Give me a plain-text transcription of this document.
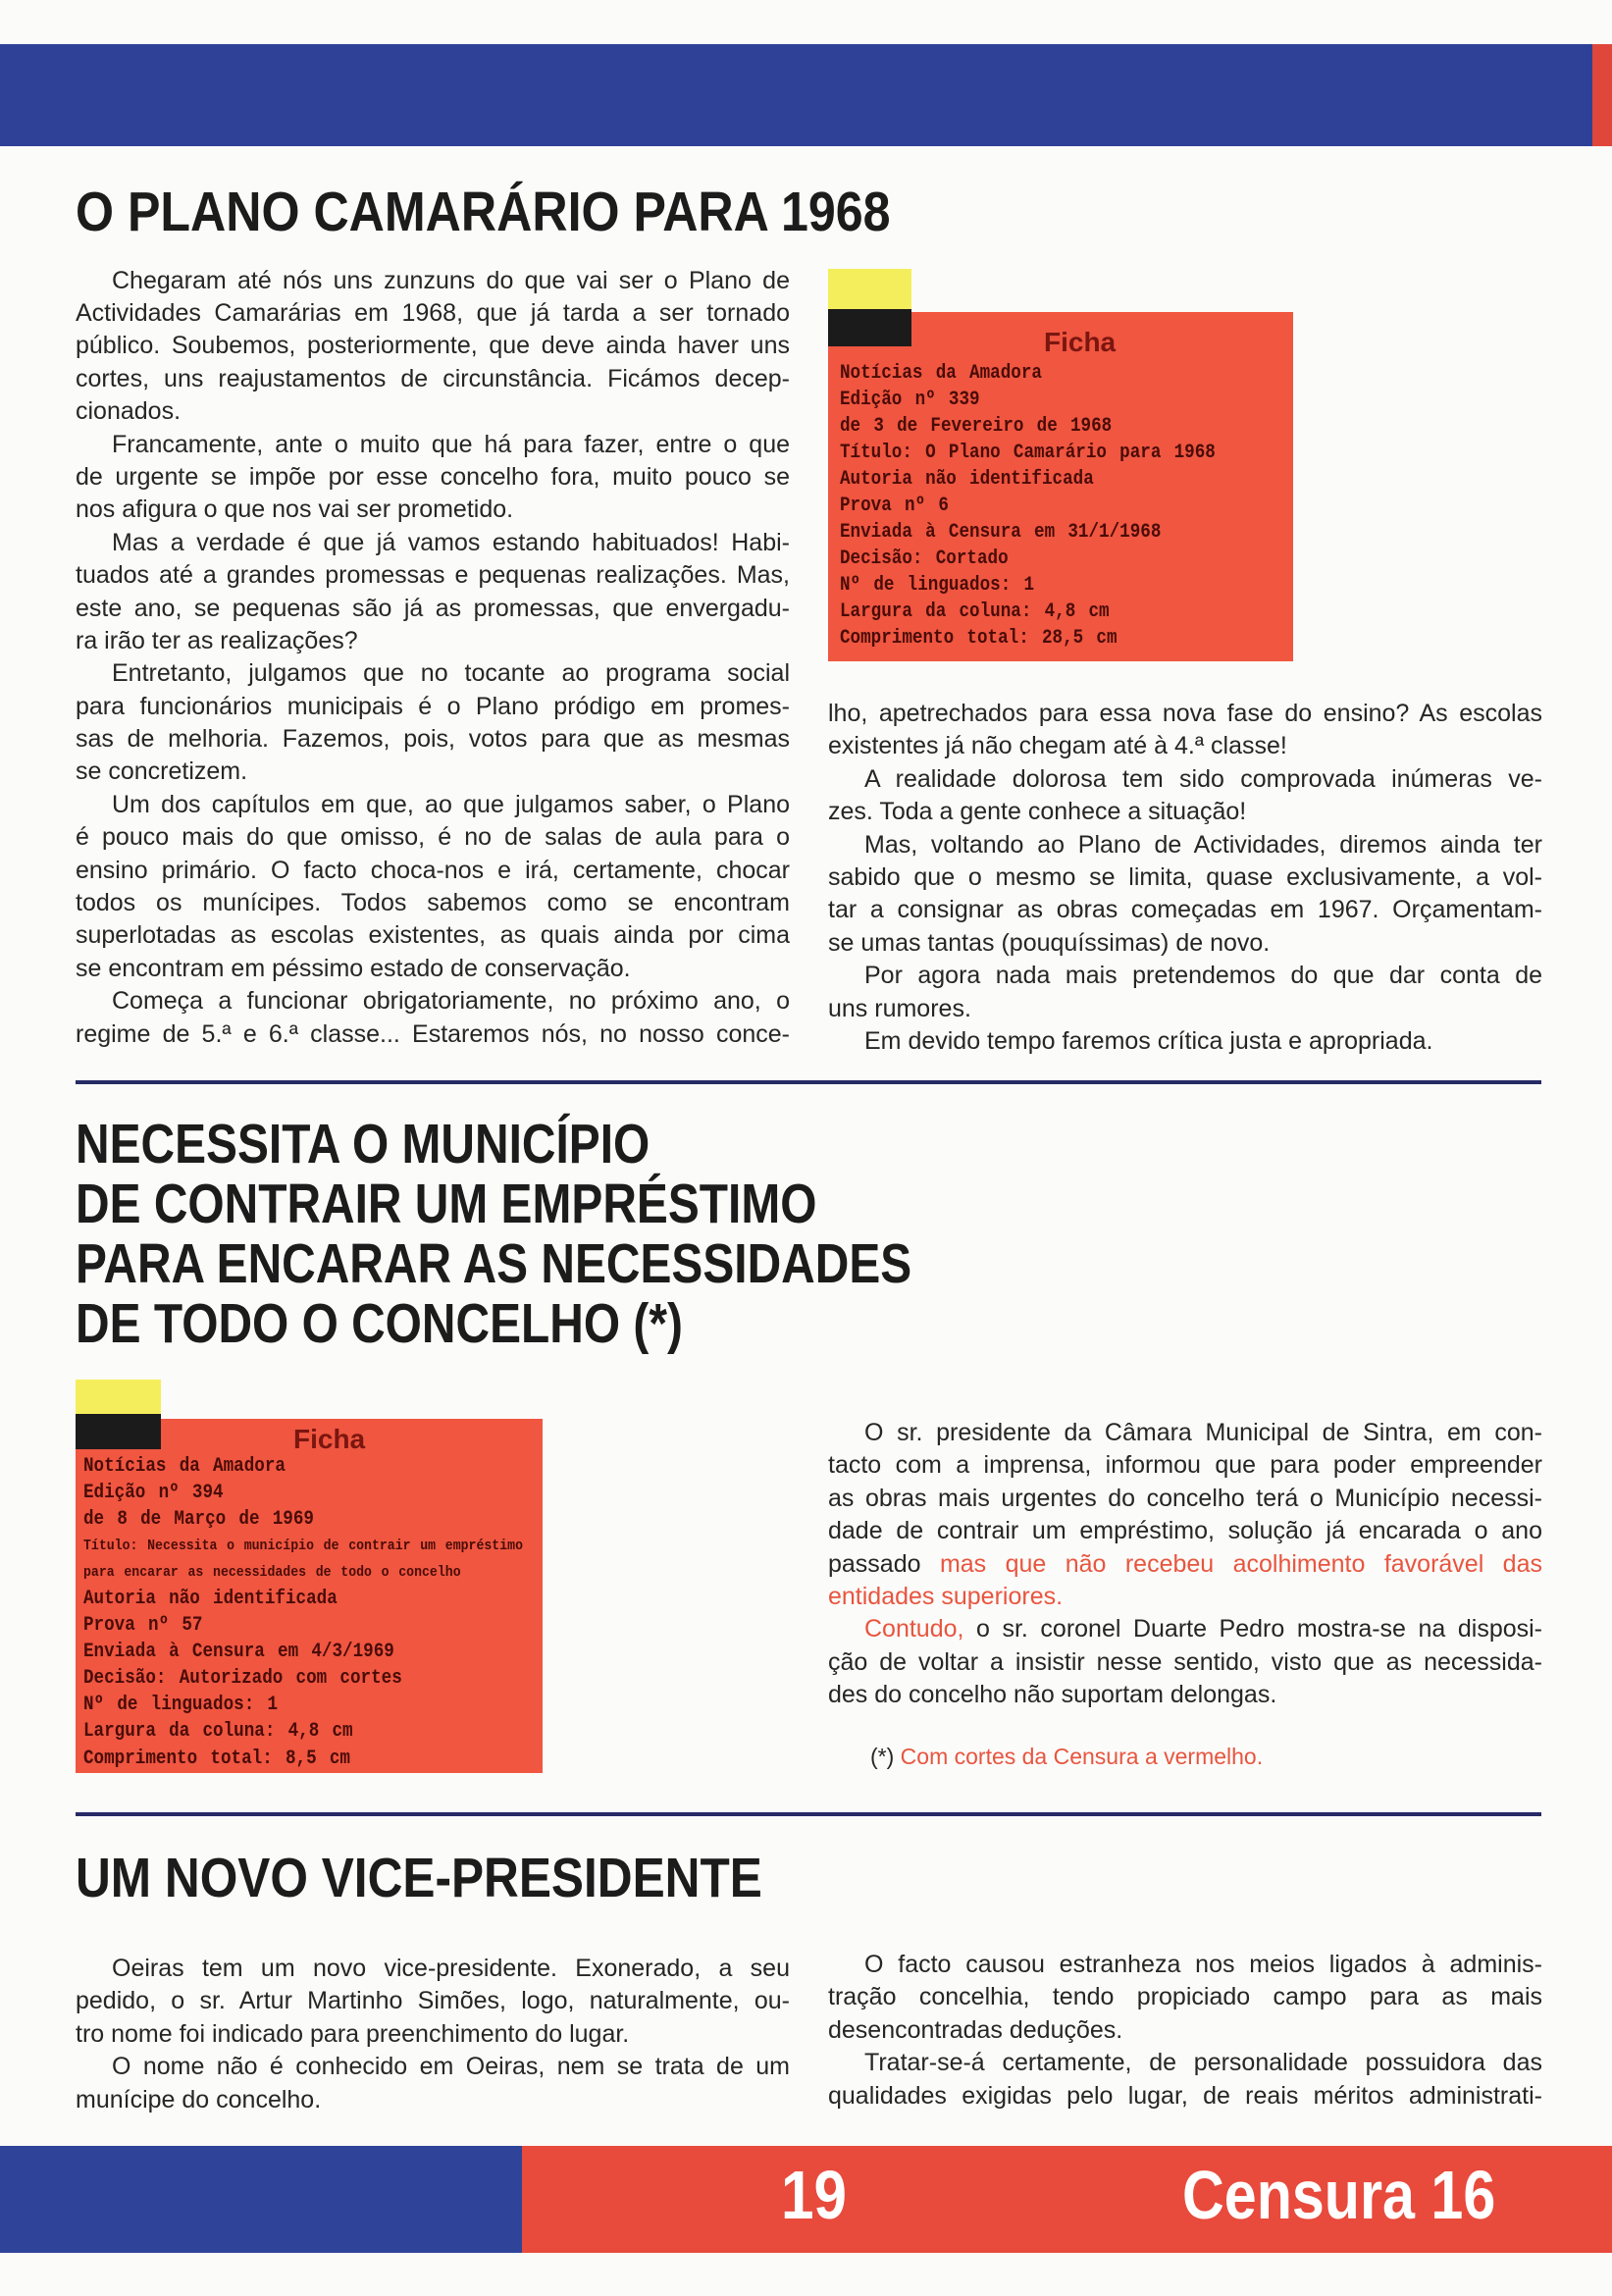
O PLANO CAMARÁRIO PARA 1968
Chegaram até nós uns zunzuns do que vai ser o Plano de
Actividades Camarárias em 1968, que já tarda a ser tornado
público. Soubemos, posteriormente, que deve ainda haver uns
cortes, uns reajustamentos de circunstância. Ficámos decep-
cionados.
Francamente, ante o muito que há para fazer, entre o que
de urgente se impõe por esse concelho fora, muito pouco se
nos afigura o que nos vai ser prometido.
Mas a verdade é que já vamos estando habituados! Habi-
tuados até a grandes promessas e pequenas realizações. Mas,
este ano, se pequenas são já as promessas, que envergadu-
ra irão ter as realizações?
Entretanto, julgamos que no tocante ao programa social
para funcionários municipais é o Plano pródigo em promes-
sas de melhoria. Fazemos, pois, votos para que as mesmas
se concretizem.
Um dos capítulos em que, ao que julgamos saber, o Plano
é pouco mais do que omisso, é no de salas de aula para o
ensino primário. O facto choca-nos e irá, certamente, chocar
todos os munícipes. Todos sabemos como se encontram
superlotadas as escolas existentes, as quais ainda por cima
se encontram em péssimo estado de conservação.
Começa a funcionar obrigatoriamente, no próximo ano, o
regime de 5.ª e 6.ª classe... Estaremos nós, no nosso conce-
Ficha
Notícias da Amadora
Edição nº 339
de 3 de Fevereiro de 1968
Título: O Plano Camarário para 1968
Autoria não identificada
Prova nº 6
Enviada à Censura em 31/1/1968
Decisão: Cortado
Nº de linguados: 1
Largura da coluna: 4,8 cm
Comprimento total: 28,5 cm
lho, apetrechados para essa nova fase do ensino? As escolas
existentes já não chegam até à 4.ª classe!
A realidade dolorosa tem sido comprovada inúmeras ve-
zes. Toda a gente conhece a situação!
Mas, voltando ao Plano de Actividades, diremos ainda ter
sabido que o mesmo se limita, quase exclusivamente, a vol-
tar a consignar as obras começadas em 1967. Orçamentam-
se umas tantas (pouquíssimas) de novo.
Por agora nada mais pretendemos do que dar conta de
uns rumores.
Em devido tempo faremos crítica justa e apropriada.
NECESSITA O MUNICÍPIO
DE CONTRAIR UM EMPRÉSTIMO
PARA ENCARAR AS NECESSIDADES
DE TODO O CONCELHO (*)
Ficha
Notícias da Amadora
Edição nº 394
de 8 de Março de 1969
Título: Necessita o município de contrair um empréstimo
para encarar as necessidades de todo o concelho
Autoria não identificada
Prova nº 57
Enviada à Censura em 4/3/1969
Decisão: Autorizado com cortes
Nº de linguados: 1
Largura da coluna: 4,8 cm
Comprimento total: 8,5 cm
O sr. presidente da Câmara Municipal de Sintra, em con-
tacto com a imprensa, informou que para poder empreender
as obras mais urgentes do concelho terá o Município necessi-
dade de contrair um empréstimo, solução já encarada o ano
passado mas que não recebeu acolhimento favorável das
entidades superiores.
Contudo, o sr. coronel Duarte Pedro mostra-se na disposi-
ção de voltar a insistir nesse sentido, visto que as necessida-
des do concelho não suportam delongas.
(*) Com cortes da Censura a vermelho.
UM NOVO VICE-PRESIDENTE
Oeiras tem um novo vice-presidente. Exonerado, a seu
pedido, o sr. Artur Martinho Simões, logo, naturalmente, ou-
tro nome foi indicado para preenchimento do lugar.
O nome não é conhecido em Oeiras, nem se trata de um
munícipe do concelho.
O facto causou estranheza nos meios ligados à adminis-
tração concelhia, tendo propiciado campo para as mais
desencontradas deduções.
Tratar-se-á certamente, de personalidade possuidora das
qualidades exigidas pelo lugar, de reais méritos administrati-
19	Censura 16
